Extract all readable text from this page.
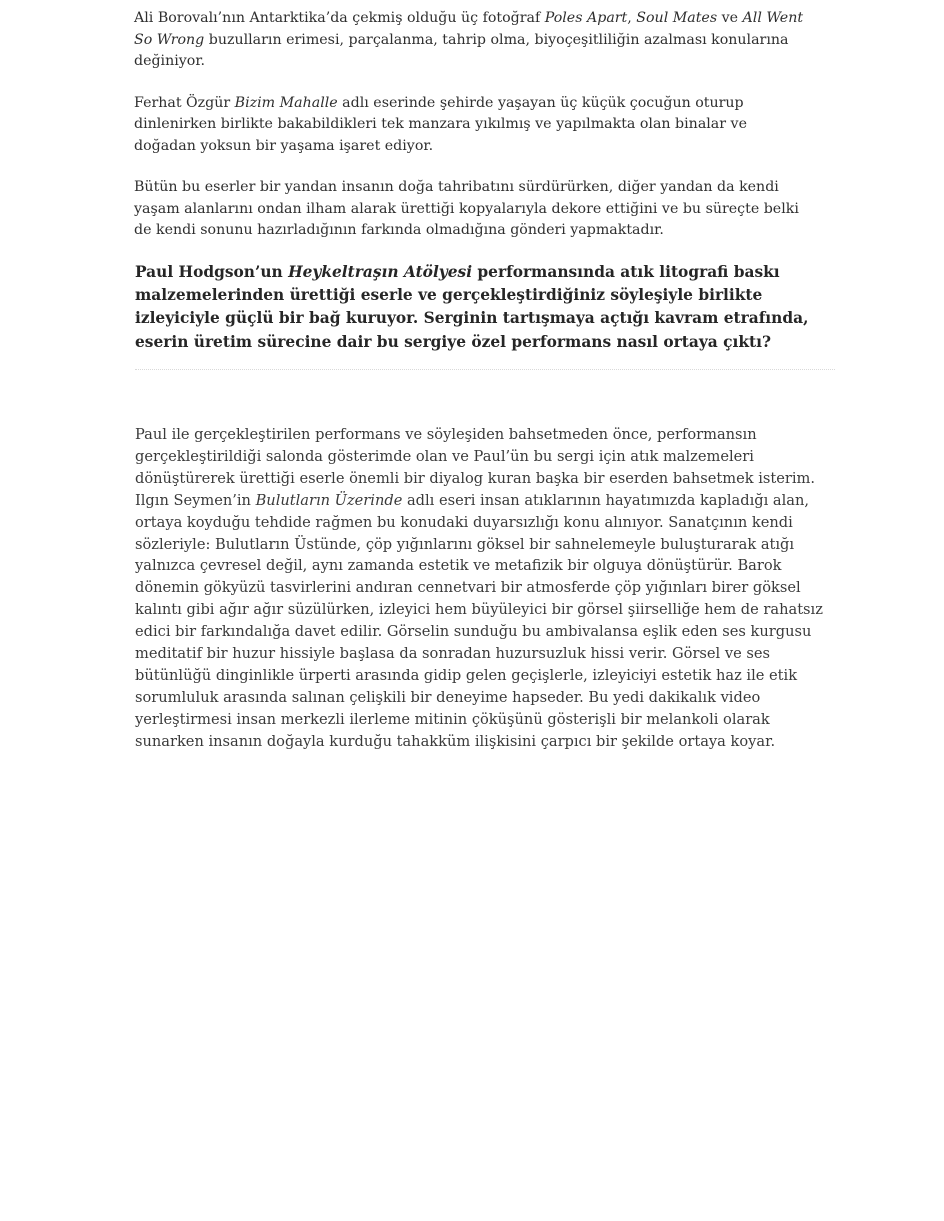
Ali Borovalı’nın Antarktika’da çekmiş olduğu üç fotoğraf Poles Apart, Soul Mates ve All Went So Wrong buzulların erimesi, parçalanma, tahrip olma, biyoçeşitliliğin azalması konularına değiniyor.

Ferhat Özgür Bizim Mahalle adlı eserinde şehirde yaşayan üç küçük çocuğun oturup dinlenirken birlikte bakabildikleri tek manzara yıkılmış ve yapılmakta olan binalar ve doğadan yoksun bir yaşama işaret ediyor.

Bütün bu eserler bir yandan insanın doğa tahribatını sürdürürken, diğer yandan da kendi yaşam alanlarını ondan ilham alarak ürettiği kopyalarıyla dekore ettiğini ve bu süreçte belki de kendi sonunu hazırladığının farkında olmadığına gönderi yapmaktadır.

Paul Hodgson’un Heykeltraşın Atölyesi performansında atık litografi baskı malzemelerinden ürettiği eserle ve gerçekleştirdiğiniz söyleşiyle birlikte izleyiciyle güçlü bir bağ kuruyor. Serginin tartışmaya açtığı kavram etrafında, eserin üretim sürecine dair bu sergiye özel performans nasıl ortaya çıktı?

Paul ile gerçekleştirilen performans ve söyleşiden bahsetmeden önce, performansın gerçekleştirildiği salonda gösterimde olan ve Paul’ün bu sergi için atık malzemeleri dönüştürerek ürettiği eserle önemli bir diyalog kuran başka bir eserden bahsetmek isterim. Ilgın Seymen’in Bulutların Üzerinde adlı eseri insan atıklarının hayatımızda kapladığı alan, ortaya koyduğu tehdide rağmen bu konudaki duyarsızlığı konu alınıyor. Sanatçının kendi sözleriyle: Bulutların Üstünde, çöp yığınlarını göksel bir sahnelemeyle buluşturarak atığı yalnızca çevresel değil, aynı zamanda estetik ve metafizik bir olguya dönüştürür. Barok dönemin gökyüzü tasvirlerini andıran cennetvari bir atmosferde çöp yığınları birer göksel kalıntı gibi ağır ağır süzülürken, izleyici hem büyüleyici bir görsel şiirselliğe hem de rahatsız edici bir farkındalığa davet edilir. Görselin sunduğu bu ambivalansa eşlik eden ses kurgusu meditatif bir huzur hissiyle başlasa da sonradan huzursuzluk hissi verir. Görsel ve ses bütünlüğü dinginlikle ürperti arasında gidip gelen geçişlerle, izleyiciyi estetik haz ile etik sorumluluk arasında salınan çelişkili bir deneyime hapseder. Bu yedi dakikalık video yerleştirmesi insan merkezli ilerleme mitinin çöküşünü gösterişli bir melankoli olarak sunarken insanın doğayla kurduğu tahakküm ilişkisini çarpıcı bir şekilde ortaya koyar.
